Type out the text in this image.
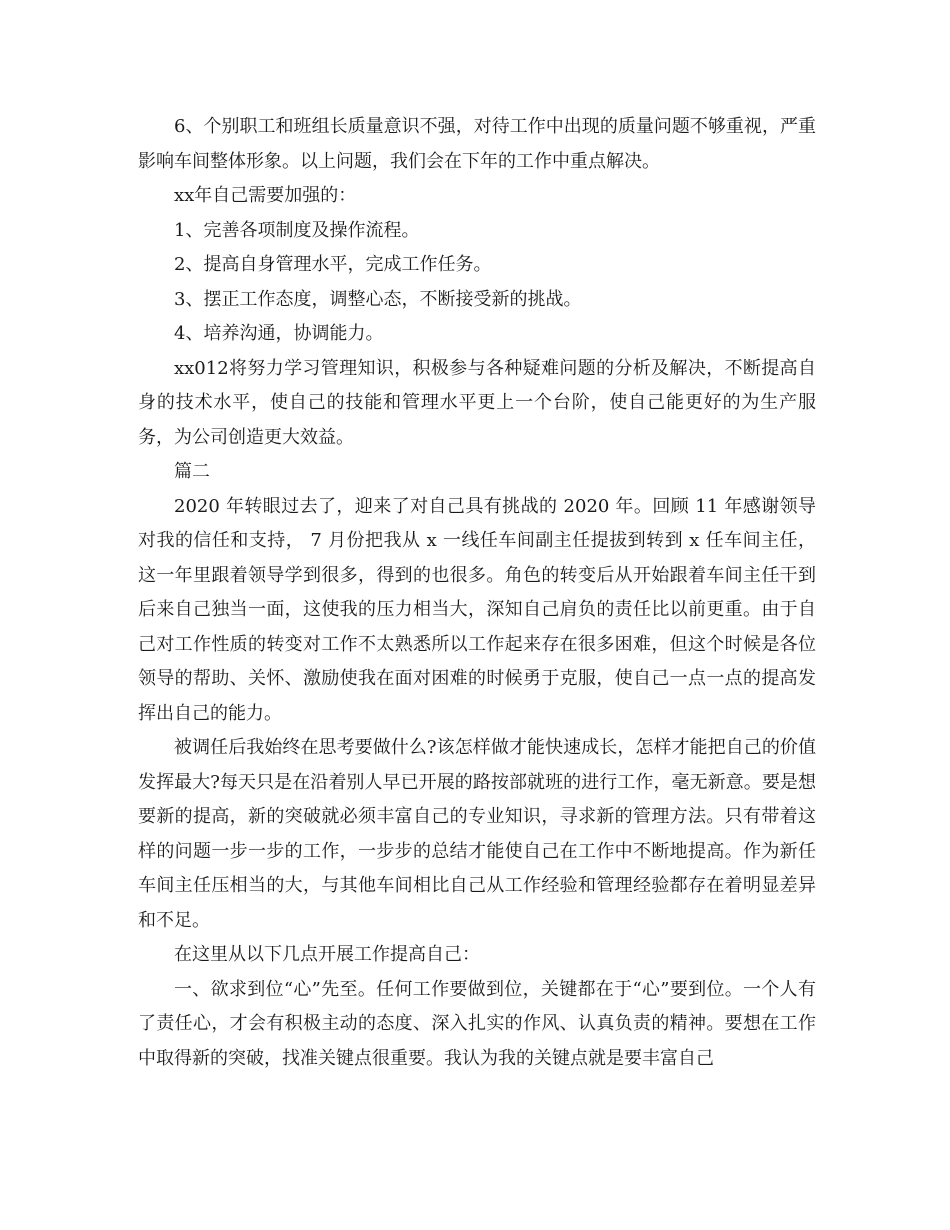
6、个别职工和班组长质量意识不强，对待工作中出现的质量问题不够重视，严重影响车间整体形象。以上问题，我们会在下年的工作中重点解决。

xx年自己需要加强的：

1、完善各项制度及操作流程。

2、提高自身管理水平，完成工作任务。

3、摆正工作态度，调整心态，不断接受新的挑战。

4、培养沟通，协调能力。

xx012将努力学习管理知识，积极参与各种疑难问题的分析及解决，不断提高自身的技术水平，使自己的技能和管理水平更上一个台阶，使自己能更好的为生产服务，为公司创造更大效益。

篇二

2020 年转眼过去了，迎来了对自己具有挑战的 2020 年。回顾 11 年感谢领导对我的信任和支持， 7 月份把我从 x 一线任车间副主任提拔到转到 x 任车间主任，这一年里跟着领导学到很多，得到的也很多。角色的转变后从开始跟着车间主任干到后来自己独当一面，这使我的压力相当大，深知自己肩负的责任比以前更重。由于自己对工作性质的转变对工作不太熟悉所以工作起来存在很多困难，但这个时候是各位领导的帮助、关怀、激励使我在面对困难的时候勇于克服，使自己一点一点的提高发挥出自己的能力。

被调任后我始终在思考要做什么?该怎样做才能快速成长，怎样才能把自己的价值发挥最大?每天只是在沿着别人早已开展的路按部就班的进行工作，毫无新意。要是想要新的提高，新的突破就必须丰富自己的专业知识，寻求新的管理方法。只有带着这样的问题一步一步的工作，一步步的总结才能使自己在工作中不断地提高。作为新任车间主任压相当的大，与其他车间相比自己从工作经验和管理经验都存在着明显差异和不足。

在这里从以下几点开展工作提高自己：

一、欲求到位“心”先至。任何工作要做到位，关键都在于“心”要到位。一个人有了责任心，才会有积极主动的态度、深入扎实的作风、认真负责的精神。要想在工作中取得新的突破，找准关键点很重要。我认为我的关键点就是要丰富自己
